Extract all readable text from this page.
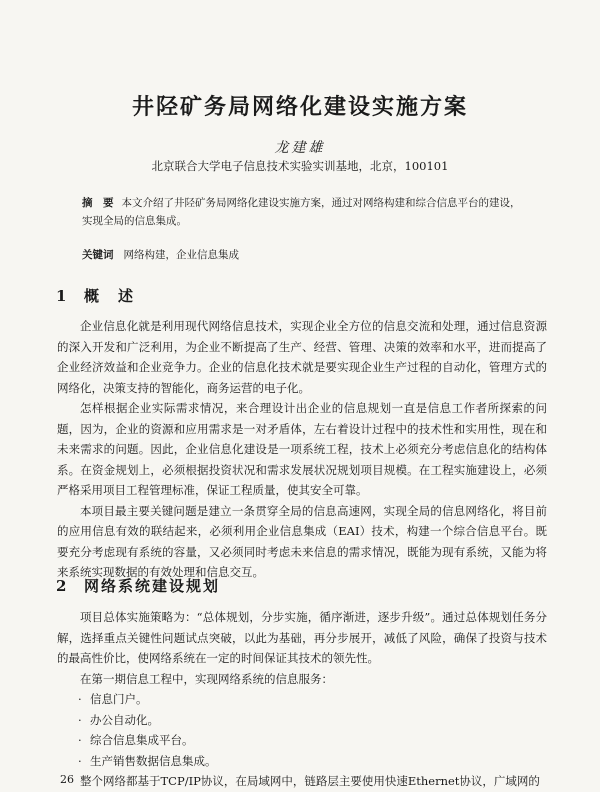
井陉矿务局网络化建设实施方案
龙建雄
北京联合大学电子信息技术实验实训基地，北京，100101
摘　要 本文介绍了井陉矿务局网络化建设实施方案，通过对网络构建和综合信息平台的建设，实现全局的信息集成。
关键词 网络构建，企业信息集成
1 概　述

企业信息化就是利用现代网络信息技术，实现企业全方位的信息交流和处理，通过信息资源的深入开发和广泛利用，为企业不断提高了生产、经营、管理、决策的效率和水平，进而提高了企业经济效益和企业竞争力。企业的信息化技术就是要实现企业生产过程的自动化，管理方式的网络化，决策支持的智能化，商务运营的电子化。

怎样根据企业实际需求情况，来合理设计出企业的信息规划一直是信息工作者所探索的问题，因为，企业的资源和应用需求是一对矛盾体，左右着设计过程中的技术性和实用性，现在和未来需求的问题。因此，企业信息化建设是一项系统工程，技术上必须充分考虑信息化的结构体系。在资金规划上，必须根据投资状况和需求发展状况规划项目规模。在工程实施建设上，必须严格采用项目工程管理标准，保证工程质量，使其安全可靠。

本项目最主要关键问题是建立一条贯穿全局的信息高速网，实现全局的信息网络化，将目前的应用信息有效的联结起来，必须利用企业信息集成（EAI）技术，构建一个综合信息平台。既要充分考虑现有系统的容量，又必须同时考虑未来信息的需求情况，既能为现有系统，又能为将来系统实现数据的有效处理和信息交互。

2 网络系统建设规划

项目总体实施策略为：“总体规划，分步实施，循序渐进，逐步升级”。通过总体规划任务分解，选择重点关键性问题试点突破，以此为基础，再分步展开，减低了风险，确保了投资与技术的最高性价比，使网络系统在一定的时间保证其技术的领先性。

在第一期信息工程中，实现网络系统的信息服务：

· 信息门户。
· 办公自动化。
· 综合信息集成平台。
· 生产销售数据信息集成。

整个网络都基于TCP/IP协议，在局域网中，链路层主要使用快速Ethernet协议，广域网的

26
